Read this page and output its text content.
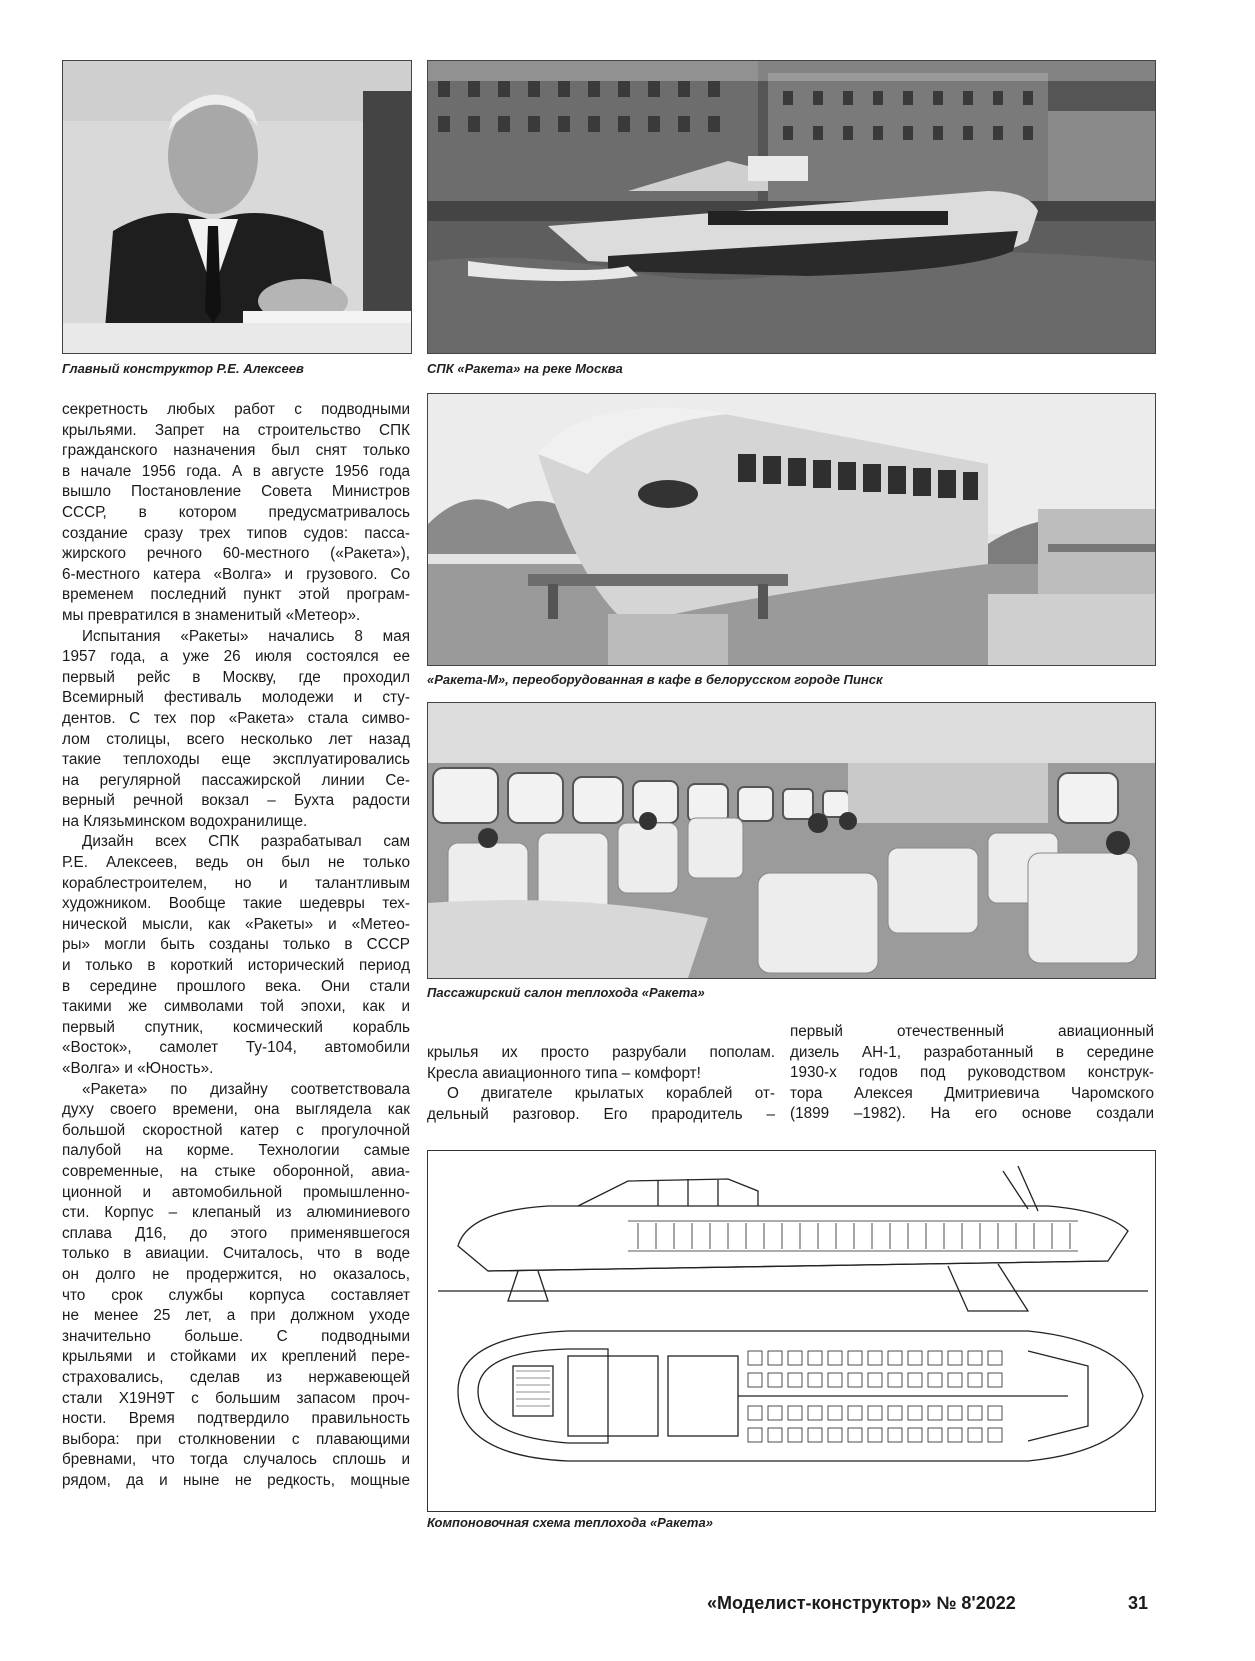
Главный конструктор Р.Е. Алексеев	СПК «Ракета» на реке Москва
«Ракета-М», переоборудованная в кафе в белорусском городе Пинск
Пассажирский салон теплохода «Ракета»
Компоновочная схема теплохода «Ракета»

секретность любых работ с подводными

крыльями. Запрет на строительство СПК

гражданского назначения был снят только

в начале 1956 года. А в августе 1956 года

вышло Постановление Совета Министров

СССР, в котором предусматривалось

создание сразу трех типов судов: пасса-

жирского речного 60-местного («Ракета»),

6-местного катера «Волга» и грузового. Со

временем последний пункт этой програм-

мы превратился в знаменитый «Метеор».

Испытания «Ракеты» начались 8 мая

1957 года, а уже 26 июля состоялся ее

первый рейс в Москву, где проходил

Всемирный фестиваль молодежи и сту-

дентов. С тех пор «Ракета» стала симво-

лом столицы, всего несколько лет назад

такие теплоходы еще эксплуатировались

на регулярной пассажирской линии Се-

верный речной вокзал – Бухта радости

на Клязьминском водохранилище.

Дизайн всех СПК разрабатывал сам

Р.Е. Алексеев, ведь он был не только

кораблестроителем, но и талантливым

художником. Вообще такие шедевры тех-

нической мысли, как «Ракеты» и «Метео-

ры» могли быть созданы только в СССР

и только в короткий исторический период

в середине прошлого века. Они стали

такими же символами той эпохи, как и

первый спутник, космический корабль

«Восток», самолет Ту-104, автомобили

«Волга» и «Юность».

«Ракета» по дизайну соответствовала

духу своего времени, она выглядела как

большой скоростной катер с прогулочной

палубой на корме. Технологии самые

современные, на стыке оборонной, авиа-

ционной и автомобильной промышленно-

сти. Корпус – клепаный из алюминиевого

сплава Д16, до этого применявшегося

только в авиации. Считалось, что в воде

он долго не продержится, но оказалось,

что срок службы корпуса составляет

не менее 25 лет, а при должном уходе

значительно больше. С подводными

крыльями и стойками их креплений пере-

страховались, сделав из нержавеющей

стали Х19Н9Т с большим запасом проч-

ности. Время подтвердило правильность

выбора: при столкновении с плавающими

бревнами, что тогда случалось сплошь и

рядом, да и ныне не редкость, мощные

крылья их просто разрубали пополам.

Кресла авиационного типа – комфорт!

О двигателе крылатых кораблей от-

дельный разговор. Его прародитель –

первый отечественный авиационный

дизель АН-1, разработанный в середине

1930-х годов под руководством конструк-

тора Алексея Дмитриевича Чаромского

(1899 –1982). На его основе создали

«Моделист-конструктор» № 8'2022	31
